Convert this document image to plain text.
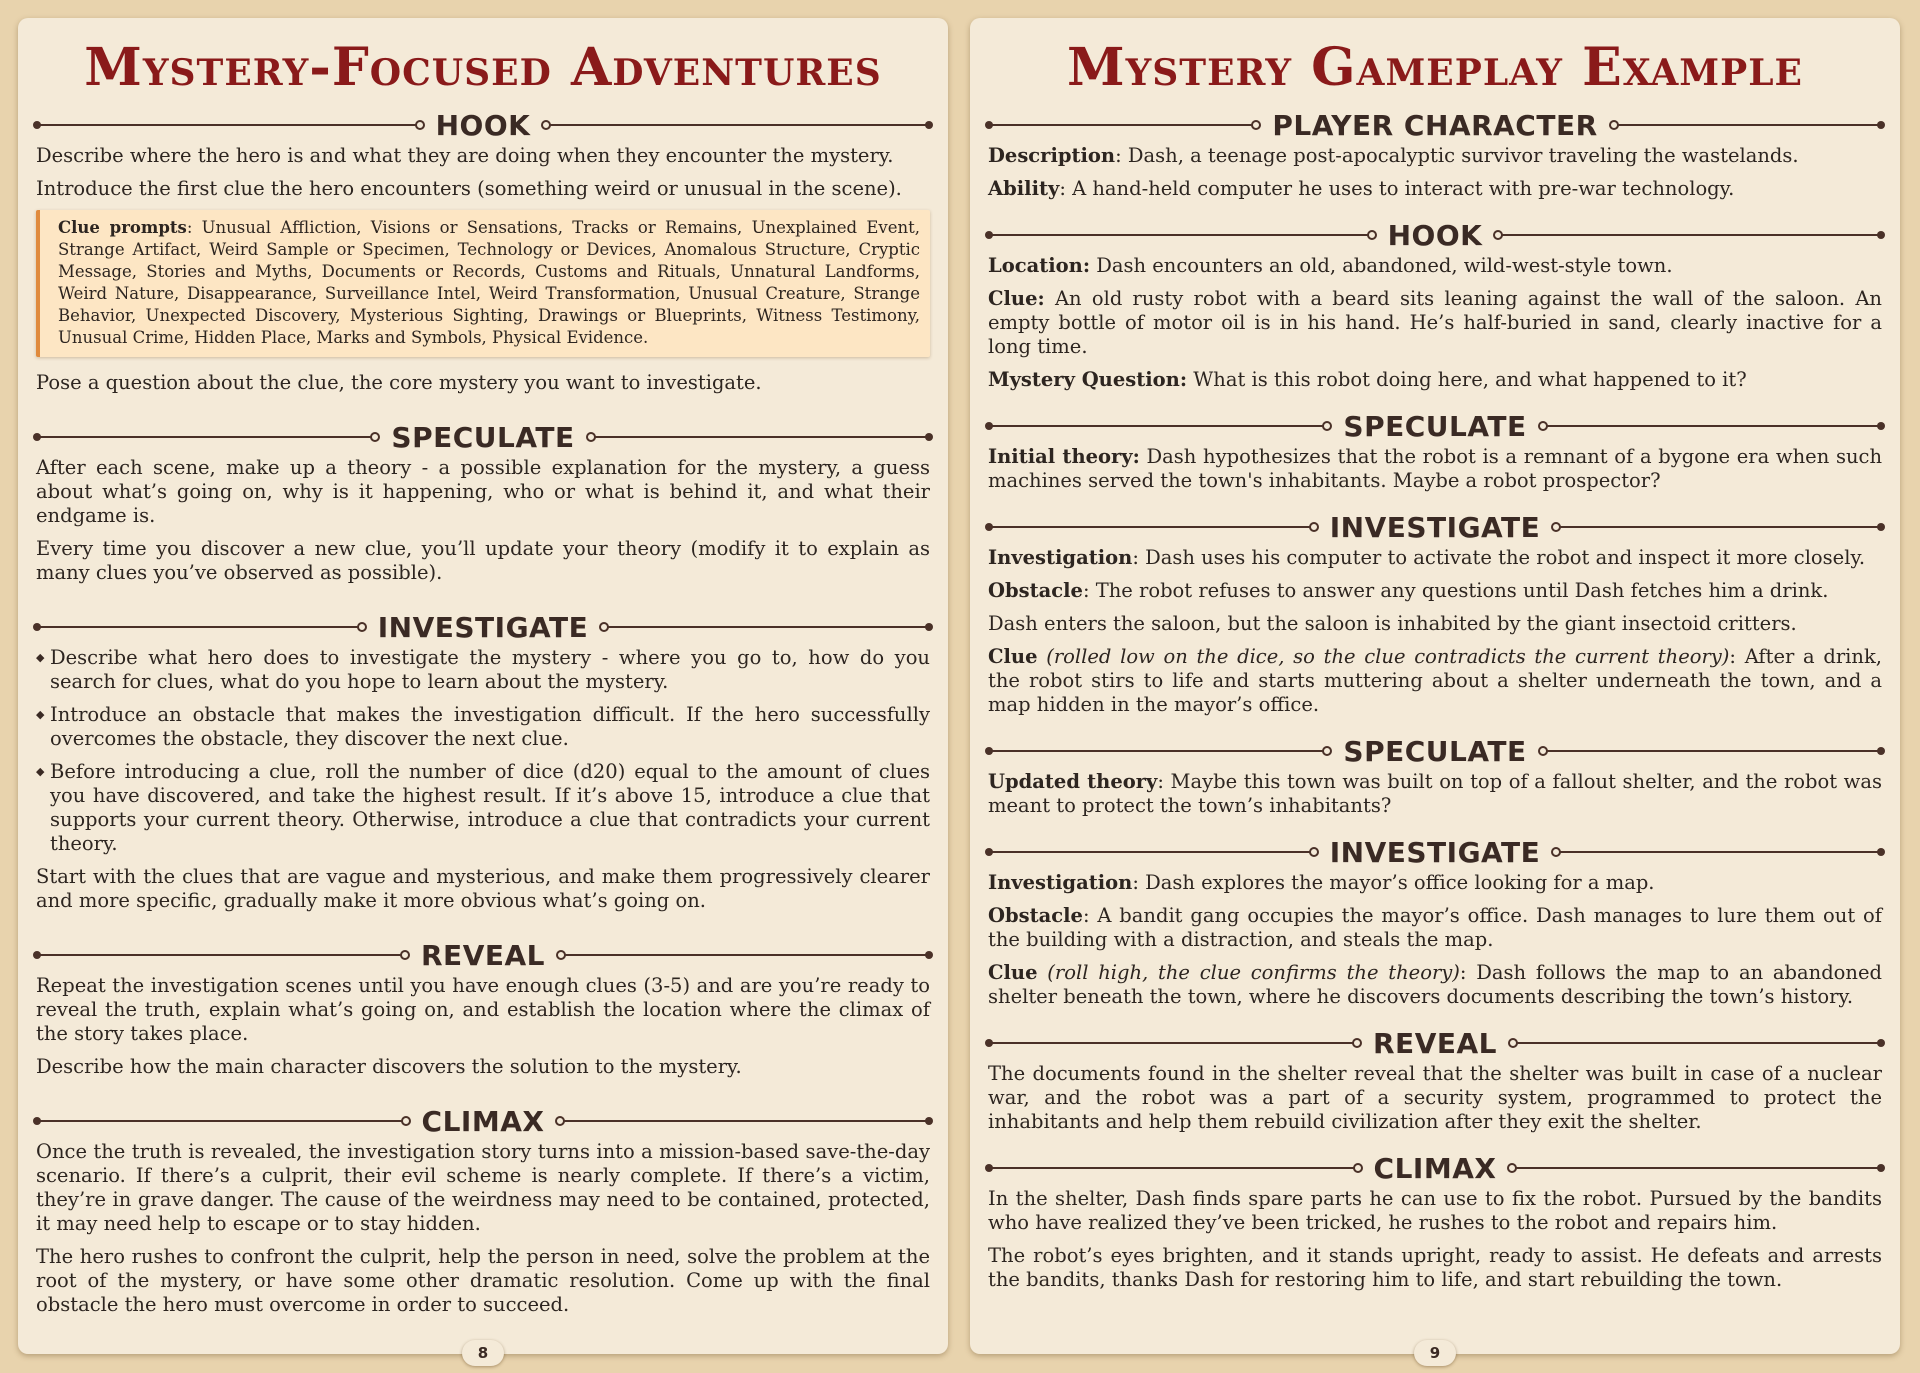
Mystery-Focused Adventures
HOOK

Describe where the hero is and what they are doing when they encounter the mystery.

Introduce the first clue the hero encounters (something weird or unusual in the scene).

Clue prompts: Unusual Affliction, Visions or Sensations, Tracks or Remains, Unexplained Event, Strange Artifact, Weird Sample or Specimen, Technology or Devices, Anomalous Structure, Cryptic Message, Stories and Myths, Documents or Records, Customs and Rituals, Unnatural Landforms, Weird Nature, Disappearance, Surveillance Intel, Weird Transformation, Unusual Creature, Strange Behavior, Unexpected Discovery, Mysterious Sighting, Drawings or Blueprints, Witness Testimony, Unusual Crime, Hidden Place, Marks and Symbols, Physical Evidence.

Pose a question about the clue, the core mystery you want to investigate.

SPECULATE

After each scene, make up a theory - a possible explanation for the mystery, a guess about what’s going on, why is it happening, who or what is behind it, and what their endgame is.

Every time you discover a new clue, you’ll update your theory (modify it to explain as many clues you’ve observed as possible).

INVESTIGATE
◆ Describe what hero does to investigate the mystery - where you go to, how do you search for clues, what do you hope to learn about the mystery.
◆ Introduce an obstacle that makes the investigation difficult. If the hero successfully overcomes the obstacle, they discover the next clue.
◆ Before introducing a clue, roll the number of dice (d20) equal to the amount of clues you have discovered, and take the highest result. If it’s above 15, introduce a clue that supports your current theory. Otherwise, introduce a clue that contradicts your current theory.

Start with the clues that are vague and mysterious, and make them progressively clearer and more specific, gradually make it more obvious what’s going on.

REVEAL

Repeat the investigation scenes until you have enough clues (3-5) and are you’re ready to reveal the truth, explain what’s going on, and establish the location where the climax of the story takes place.

Describe how the main character discovers the solution to the mystery.

CLIMAX

Once the truth is revealed, the investigation story turns into a mission-based save-the-day scenario. If there’s a culprit, their evil scheme is nearly complete. If there’s a victim, they’re in grave danger. The cause of the weirdness may need to be contained, protected, it may need help to escape or to stay hidden.

The hero rushes to confront the culprit, help the person in need, solve the problem at the root of the mystery, or have some other dramatic resolution. Come up with the final obstacle the hero must overcome in order to succeed.

8
Mystery Gameplay Example
PLAYER CHARACTER

Description: Dash, a teenage post-apocalyptic survivor traveling the wastelands.

Ability: A hand-held computer he uses to interact with pre-war technology.

HOOK

Location: Dash encounters an old, abandoned, wild-west-style town.

Clue: An old rusty robot with a beard sits leaning against the wall of the saloon. An empty bottle of motor oil is in his hand. He’s half-buried in sand, clearly inactive for a long time.

Mystery Question: What is this robot doing here, and what happened to it?

SPECULATE

Initial theory: Dash hypothesizes that the robot is a remnant of a bygone era when such machines served the town's inhabitants. Maybe a robot prospector?

INVESTIGATE

Investigation: Dash uses his computer to activate the robot and inspect it more closely.

Obstacle: The robot refuses to answer any questions until Dash fetches him a drink.

Dash enters the saloon, but the saloon is inhabited by the giant insectoid critters.

Clue (rolled low on the dice, so the clue contradicts the current theory): After a drink, the robot stirs to life and starts muttering about a shelter underneath the town, and a map hidden in the mayor’s office.

SPECULATE

Updated theory: Maybe this town was built on top of a fallout shelter, and the robot was meant to protect the town’s inhabitants?

INVESTIGATE

Investigation: Dash explores the mayor’s office looking for a map.

Obstacle: A bandit gang occupies the mayor’s office. Dash manages to lure them out of the building with a distraction, and steals the map.

Clue (roll high, the clue confirms the theory): Dash follows the map to an abandoned shelter beneath the town, where he discovers documents describing the town’s history.

REVEAL

The documents found in the shelter reveal that the shelter was built in case of a nuclear war, and the robot was a part of a security system, programmed to protect the inhabitants and help them rebuild civilization after they exit the shelter.

CLIMAX

In the shelter, Dash finds spare parts he can use to fix the robot. Pursued by the bandits who have realized they’ve been tricked, he rushes to the robot and repairs him.

The robot’s eyes brighten, and it stands upright, ready to assist. He defeats and arrests the bandits, thanks Dash for restoring him to life, and start rebuilding the town.

9
